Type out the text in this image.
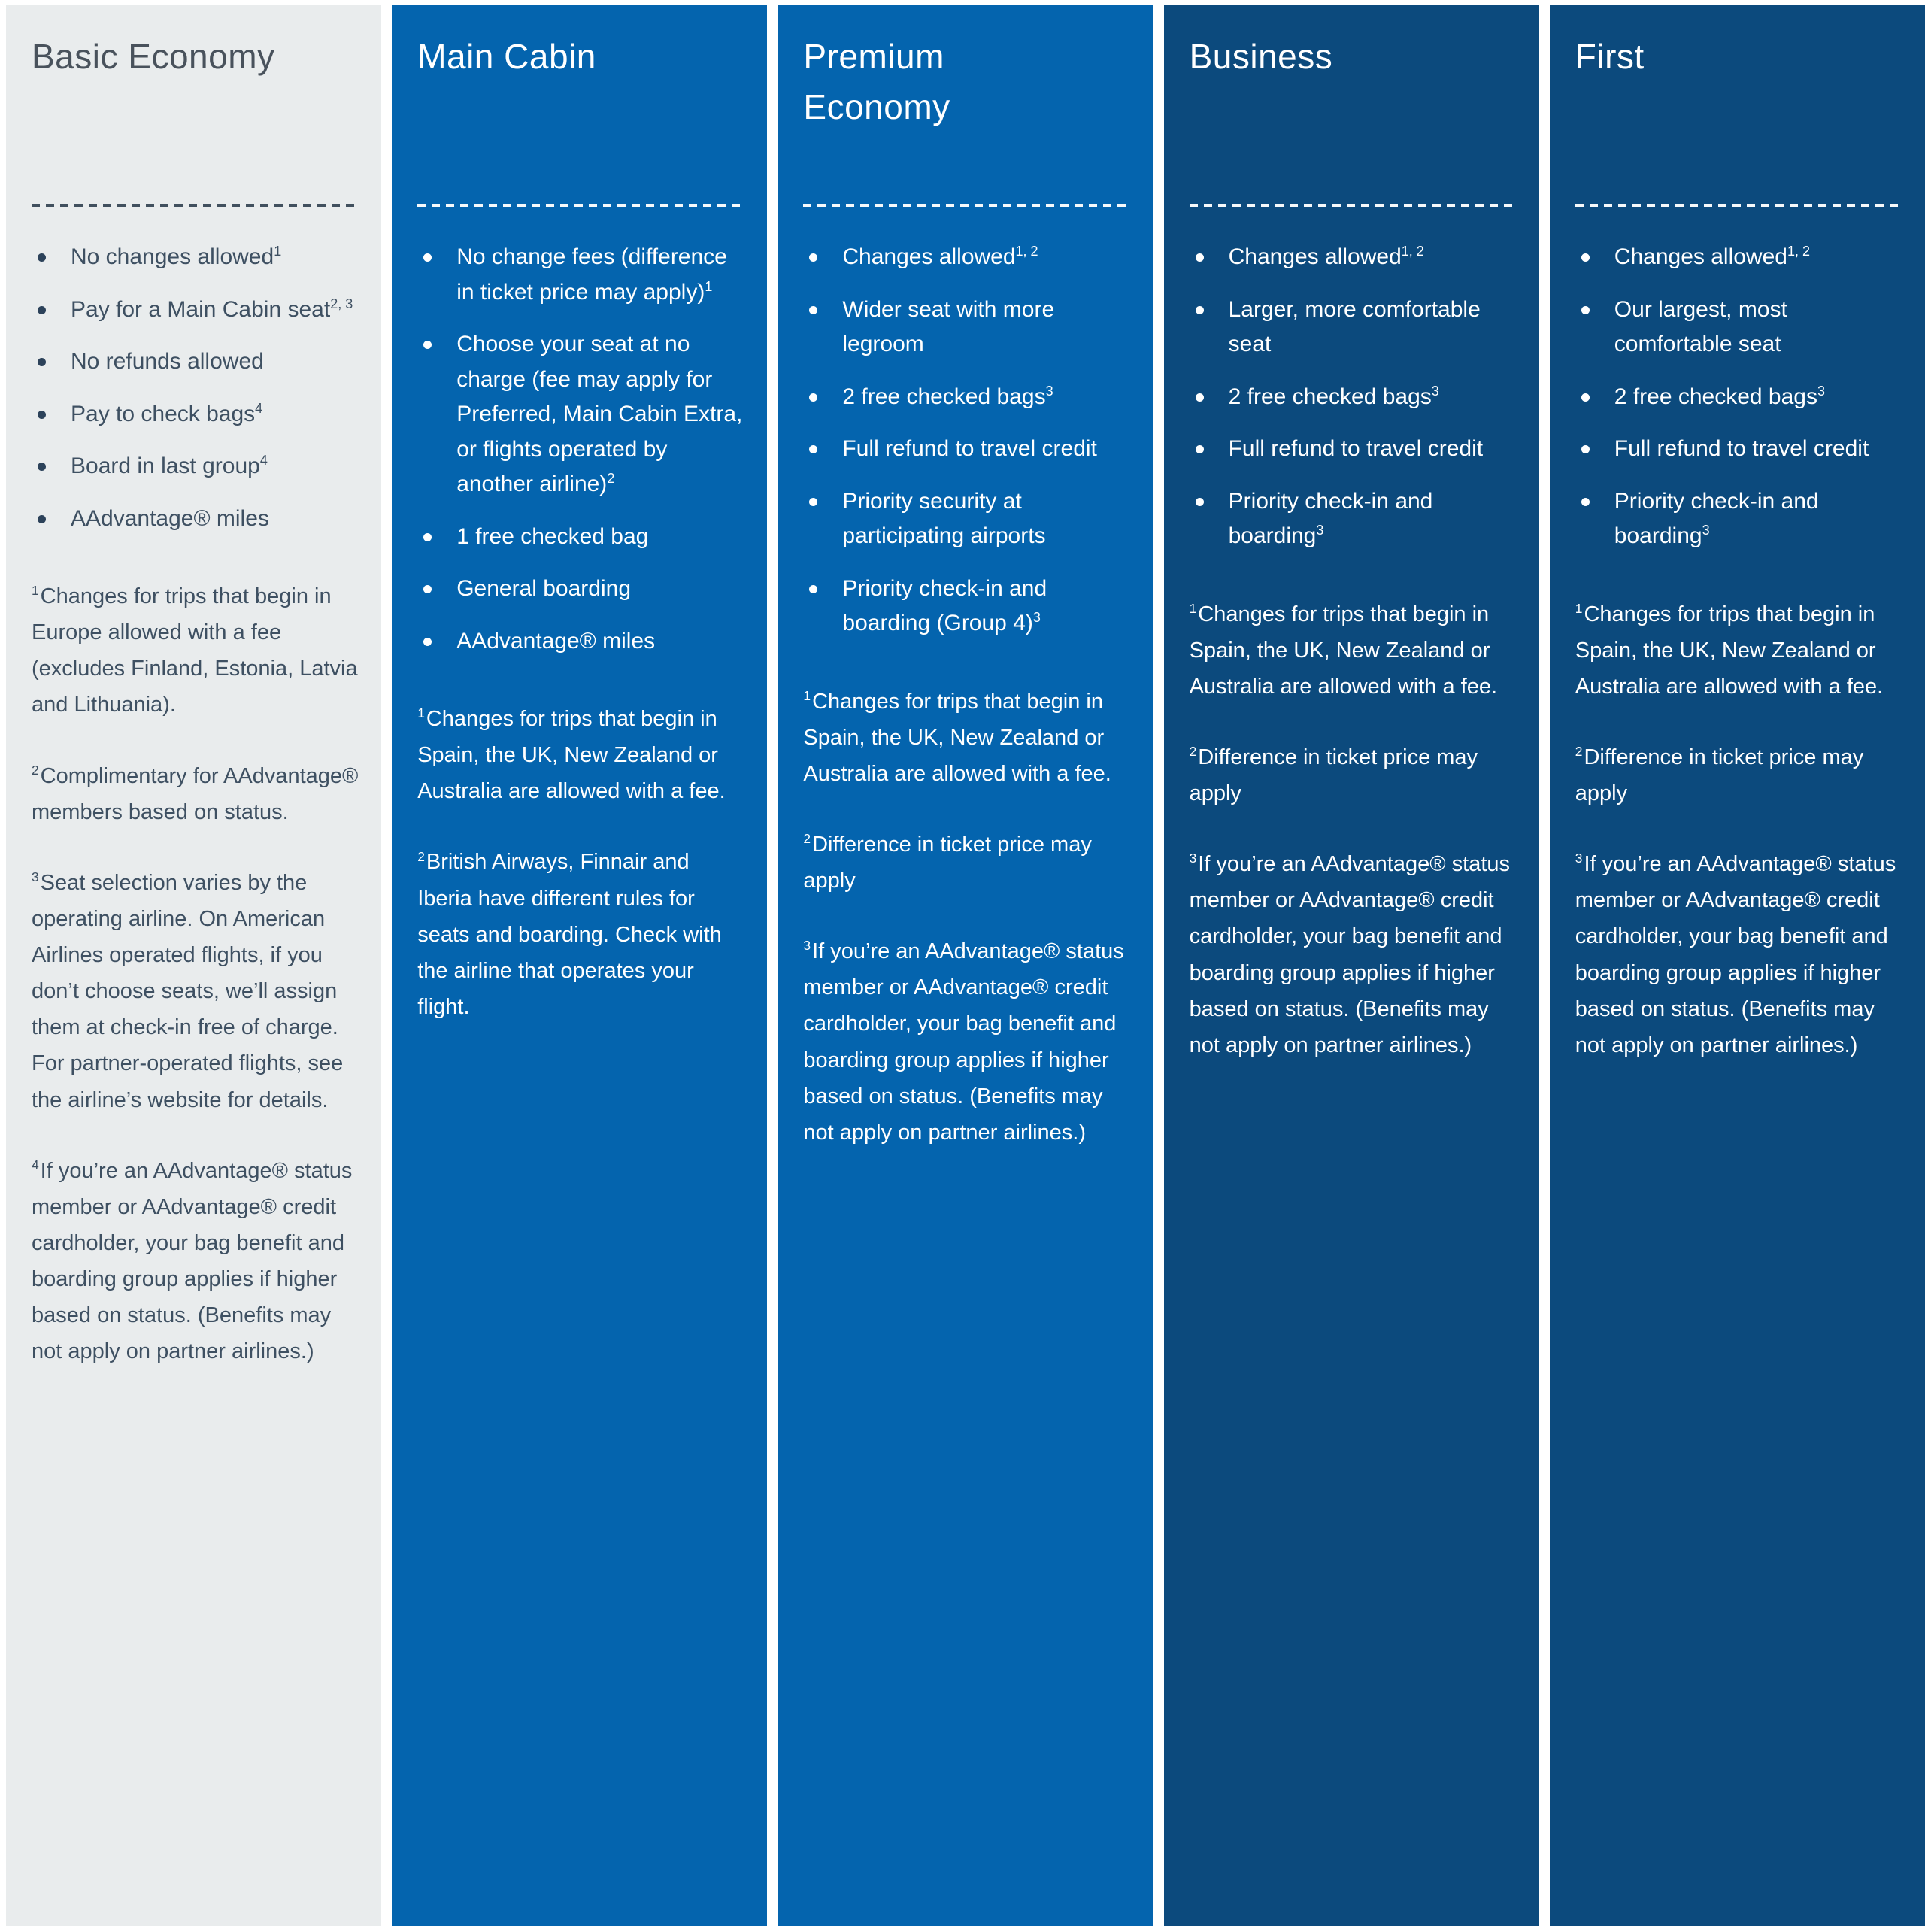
Basic Economy
No changes allowed$^1$
Pay for a Main Cabin seat$^{2, 3}$
No refunds allowed
Pay to check bags$^4$
Board in last group$^4$
AAdvantage® miles

$^1$Changes for trips that begin in Europe allowed with a fee (excludes Finland, Estonia, Latvia and Lithuania).

$^2$Complimentary for AAdvantage® members based on status.

$^3$Seat selection varies by the operating airline. On American Airlines operated flights, if you don’t choose seats, we’ll assign them at check-in free of charge. For partner-operated flights, see the airline’s website for details.

$^4$If you’re an AAdvantage® status member or AAdvantage® credit cardholder, your bag benefit and boarding group applies if higher based on status. (Benefits may not apply on partner airlines.)

Main Cabin
No change fees (difference in ticket price may apply)$^1$
Choose your seat at no charge (fee may apply for Preferred, Main Cabin Extra, or flights operated by another airline)$^2$
1 free checked bag
General boarding
AAdvantage® miles

$^1$Changes for trips that begin in Spain, the UK, New Zealand or Australia are allowed with a fee.

$^2$British Airways, Finnair and Iberia have different rules for seats and boarding. Check with the airline that operates your flight.

Premium Economy
Changes allowed$^{1, 2}$
Wider seat with more legroom
2 free checked bags$^3$
Full refund to travel credit
Priority security at participating airports
Priority check-in and boarding (Group 4)$^3$

$^1$Changes for trips that begin in Spain, the UK, New Zealand or Australia are allowed with a fee.

$^2$Difference in ticket price may apply

$^3$If you’re an AAdvantage® status member or AAdvantage® credit cardholder, your bag benefit and boarding group applies if higher based on status. (Benefits may not apply on partner airlines.)

Business
Changes allowed$^{1, 2}$
Larger, more comfortable seat
2 free checked bags$^3$
Full refund to travel credit
Priority check-in and boarding$^3$

$^1$Changes for trips that begin in Spain, the UK, New Zealand or Australia are allowed with a fee.

$^2$Difference in ticket price may apply

$^3$If you’re an AAdvantage® status member or AAdvantage® credit cardholder, your bag benefit and boarding group applies if higher based on status. (Benefits may not apply on partner airlines.)

First
Changes allowed$^{1, 2}$
Our largest, most comfortable seat
2 free checked bags$^3$
Full refund to travel credit
Priority check-in and boarding$^3$

$^1$Changes for trips that begin in Spain, the UK, New Zealand or Australia are allowed with a fee.

$^2$Difference in ticket price may apply

$^3$If you’re an AAdvantage® status member or AAdvantage® credit cardholder, your bag benefit and boarding group applies if higher based on status. (Benefits may not apply on partner airlines.)
